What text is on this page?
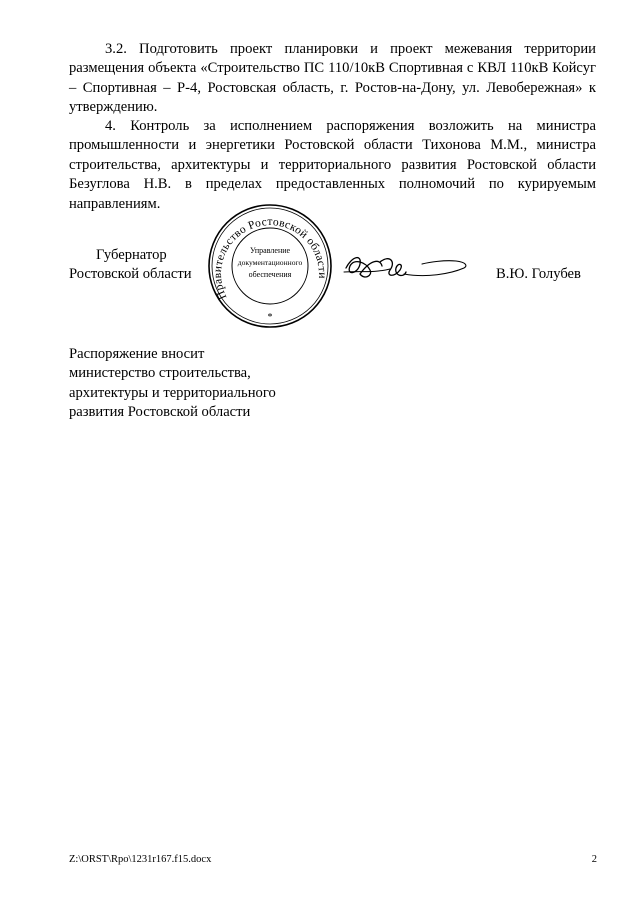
3.2. Подготовить проект планировки и проект межевания территории размещения объекта «Строительство ПС 110/10кВ Спортивная с КВЛ 110кВ Койсуг – Спортивная – Р-4, Ростовская область, г. Ростов-на-Дону, ул. Левобережная» к утверждению.

4. Контроль за исполнением распоряжения возложить на министра промышленности и энергетики Ростовской области Тихонова М.М., министра строительства, архитектуры и территориального развития Ростовской области Безуглова Н.В. в пределах предоставленных полномочий по курируемым направлениям.

Губернатор
Ростовской области
Правительство Ростовской области
Управление
документационного
обеспечения
*

В.Ю. Голубев

Распоряжение вносит
министерство строительства,
архитектуры и территориального
развития Ростовской области

Z:\ORST\Rpo\1231r167.f15.docx	2
